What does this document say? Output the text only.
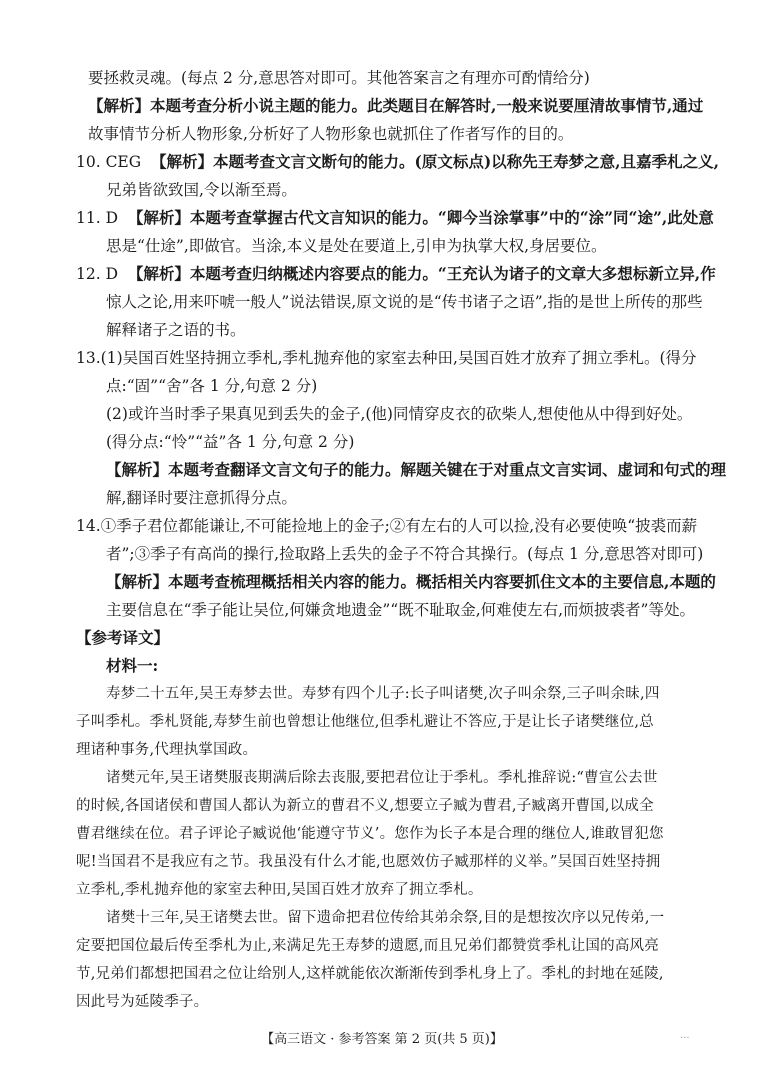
要拯救灵魂。(每点 2 分,意思答对即可。其他答案言之有理亦可酌情给分)
【解析】本题考查分析小说主题的能力。此类题目在解答时,一般来说要厘清故事情节,通过
故事情节分析人物形象,分析好了人物形象也就抓住了作者写作的目的。
10. CEG 【解析】本题考查文言文断句的能力。(原文标点)以称先王寿梦之意,且嘉季札之义,
兄弟皆欲致国,令以渐至焉。
11. D 【解析】本题考查掌握古代文言知识的能力。“卿今当涂掌事”中的“涂”同“途”,此处意
思是“仕途”,即做官。当涂,本义是处在要道上,引申为执掌大权,身居要位。
12. D 【解析】本题考查归纳概述内容要点的能力。“王充认为诸子的文章大多想标新立异,作
惊人之论,用来吓唬一般人”说法错误,原文说的是“传书诸子之语”,指的是世上所传的那些
解释诸子之语的书。
13.(1)吴国百姓坚持拥立季札,季札抛弃他的家室去种田,吴国百姓才放弃了拥立季札。(得分
点:“固”“舍”各 1 分,句意 2 分)
(2)或许当时季子果真见到丢失的金子,(他)同情穿皮衣的砍柴人,想使他从中得到好处。
(得分点:“怜”“益”各 1 分,句意 2 分)
【解析】本题考查翻译文言文句子的能力。解题关键在于对重点文言实词、虚词和句式的理
解,翻译时要注意抓得分点。
14.①季子君位都能谦让,不可能捡地上的金子;②有左右的人可以捡,没有必要使唤“披裘而薪
者”;③季子有高尚的操行,捡取路上丢失的金子不符合其操行。(每点 1 分,意思答对即可)
【解析】本题考查梳理概括相关内容的能力。概括相关内容要抓住文本的主要信息,本题的
主要信息在“季子能让吴位,何嫌贪地遗金”“既不耻取金,何难使左右,而烦披裘者”等处。
【参考译文】
材料一:
寿梦二十五年,吴王寿梦去世。寿梦有四个儿子:长子叫诸樊,次子叫余祭,三子叫余昧,四
子叫季札。季札贤能,寿梦生前也曾想让他继位,但季札避让不答应,于是让长子诸樊继位,总
理诸种事务,代理执掌国政。
诸樊元年,吴王诸樊服丧期满后除去丧服,要把君位让于季札。季札推辞说:“曹宣公去世
的时候,各国诸侯和曹国人都认为新立的曹君不义,想要立子臧为曹君,子臧离开曹国,以成全
曹君继续在位。君子评论子臧说他‘能遵守节义’。您作为长子本是合理的继位人,谁敢冒犯您
呢!当国君不是我应有之节。我虽没有什么才能,也愿效仿子臧那样的义举。”吴国百姓坚持拥
立季札,季札抛弃他的家室去种田,吴国百姓才放弃了拥立季札。
诸樊十三年,吴王诸樊去世。留下遗命把君位传给其弟余祭,目的是想按次序以兄传弟,一
定要把国位最后传至季札为止,来满足先王寿梦的遗愿,而且兄弟们都赞赏季札让国的高风亮
节,兄弟们都想把国君之位让给别人,这样就能依次渐渐传到季札身上了。季札的封地在延陵,
因此号为延陵季子。
【高三语文 · 参考答案 第 2 页(共 5 页)】	...
